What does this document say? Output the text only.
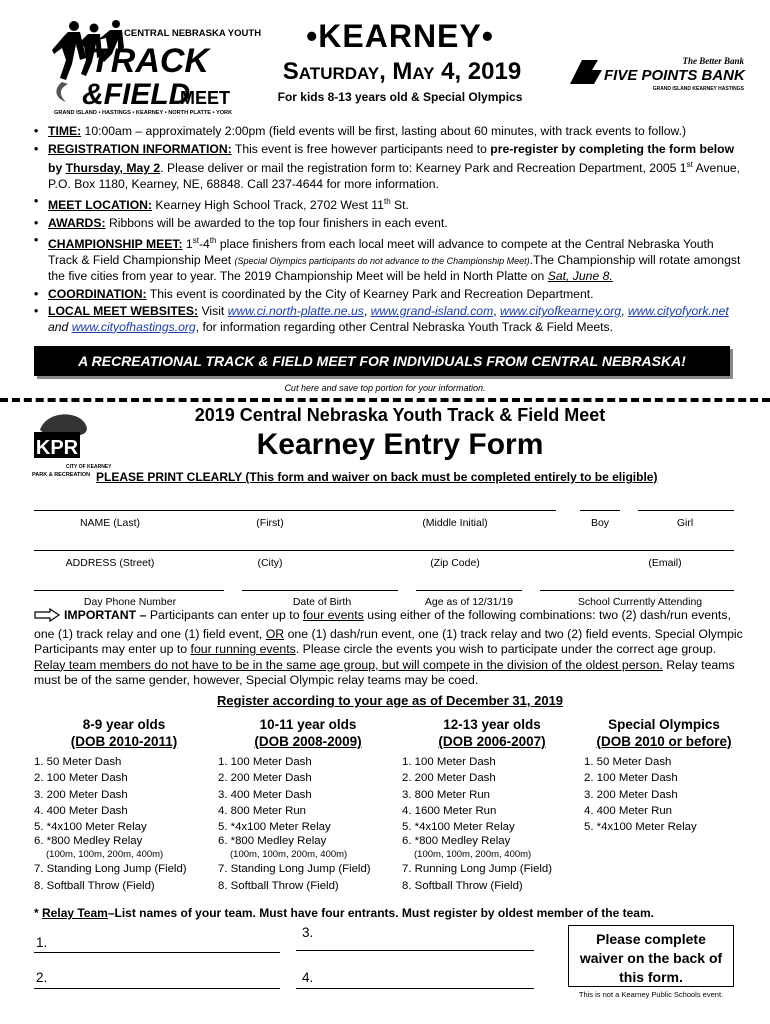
CENTRAL NEBRASKA YOUTH
TRACK
&FIELD
MEET
GRAND ISLAND • HASTINGS • KEARNEY • NORTH PLATTE • YORK
•KEARNEY•
Saturday, May 4, 2019
For kids 8-13 years old & Special Olympics
The Better Bank
FIVE POINTS BANK
GRAND ISLAND KEARNEY HASTINGS
• TIME: 10:00am – approximately 2:00pm (field events will be first, lasting about 60 minutes, with track events to follow.)
• REGISTRATION INFORMATION: This event is free however participants need to pre-register by completing the form below by Thursday, May 2. Please deliver or mail the registration form to: Kearney Park and Recreation Department, 2005 1st Avenue, P.O. Box 1180, Kearney, NE, 68848. Call 237-4644 for more information.
• MEET LOCATION: Kearney High School Track, 2702 West 11th St.
• AWARDS: Ribbons will be awarded to the top four finishers in each event.
• CHAMPIONSHIP MEET: 1st-4th place finishers from each local meet will advance to compete at the Central Nebraska Youth Track & Field Championship Meet (Special Olympics participants do not advance to the Championship Meet).The Championship will rotate amongst the five cities from year to year. The 2019 Championship Meet will be held in North Platte on Sat, June 8.
• COORDINATION: This event is coordinated by the City of Kearney Park and Recreation Department.
• LOCAL MEET WEBSITES: Visit www.ci.north-platte.ne.us, www.grand-island.com, www.cityofkearney.org, www.cityofyork.net and www.cityofhastings.org, for information regarding other Central Nebraska Youth Track & Field Meets.
A RECREATIONAL TRACK & FIELD MEET FOR INDIVIDUALS FROM CENTRAL NEBRASKA!
Cut here and save top portion for your information.
KPR
CITY OF KEARNEY
PARK & RECREATION
2019 Central Nebraska Youth Track & Field Meet
Kearney Entry Form
PLEASE PRINT CLEARLY (This form and waiver on back must be completed entirely to be eligible)
NAME (Last)	(First)	(Middle Initial)	Boy	Girl
ADDRESS (Street)	(City)	(Zip Code)	(Email)
Day Phone Number	Date of Birth	Age as of 12/31/19	School Currently Attending
IMPORTANT – Participants can enter up to four events using either of the following combinations: two (2) dash/run events, one (1) track relay and one (1) field event, OR one (1) dash/run event, one (1) track relay and two (2) field events. Special Olympic Participants may enter up to four running events. Please circle the events you wish to participate under the correct age group. Relay team members do not have to be in the same age group, but will compete in the division of the oldest person. Relay teams must be of the same gender, however, Special Olympic relay teams may be coed.
Register according to your age as of December 31, 2019
8-9 year olds
(DOB 2010-2011)
1. 50 Meter Dash
2. 100 Meter Dash
3. 200 Meter Dash
4. 400 Meter Dash
5. *4x100 Meter Relay
6. *800 Medley Relay
(100m, 100m, 200m, 400m)
7. Standing Long Jump (Field)
8. Softball Throw (Field)
10-11 year olds
(DOB 2008-2009)
1. 100 Meter Dash
2. 200 Meter Dash
3. 400 Meter Dash
4. 800 Meter Run
5. *4x100 Meter Relay
6. *800 Medley Relay
(100m, 100m, 200m, 400m)
7. Standing Long Jump (Field)
8. Softball Throw (Field)
12-13 year olds
(DOB 2006-2007)
1. 100 Meter Dash
2. 200 Meter Dash
3. 800 Meter Run
4. 1600 Meter Run
5. *4x100 Meter Relay
6. *800 Medley Relay
(100m, 100m, 200m, 400m)
7. Running Long Jump (Field)
8. Softball Throw (Field)
Special Olympics
(DOB 2010 or before)
1. 50 Meter Dash
2. 100 Meter Dash
3. 200 Meter Dash
4. 400 Meter Run
5. *4x100 Meter Relay
* Relay Team–List names of your team. Must have four entrants. Must register by oldest member of the team.
1.
3.
2.	4.
Please complete
waiver on the back of
this form.
This is not a Kearney Public Schools event.
